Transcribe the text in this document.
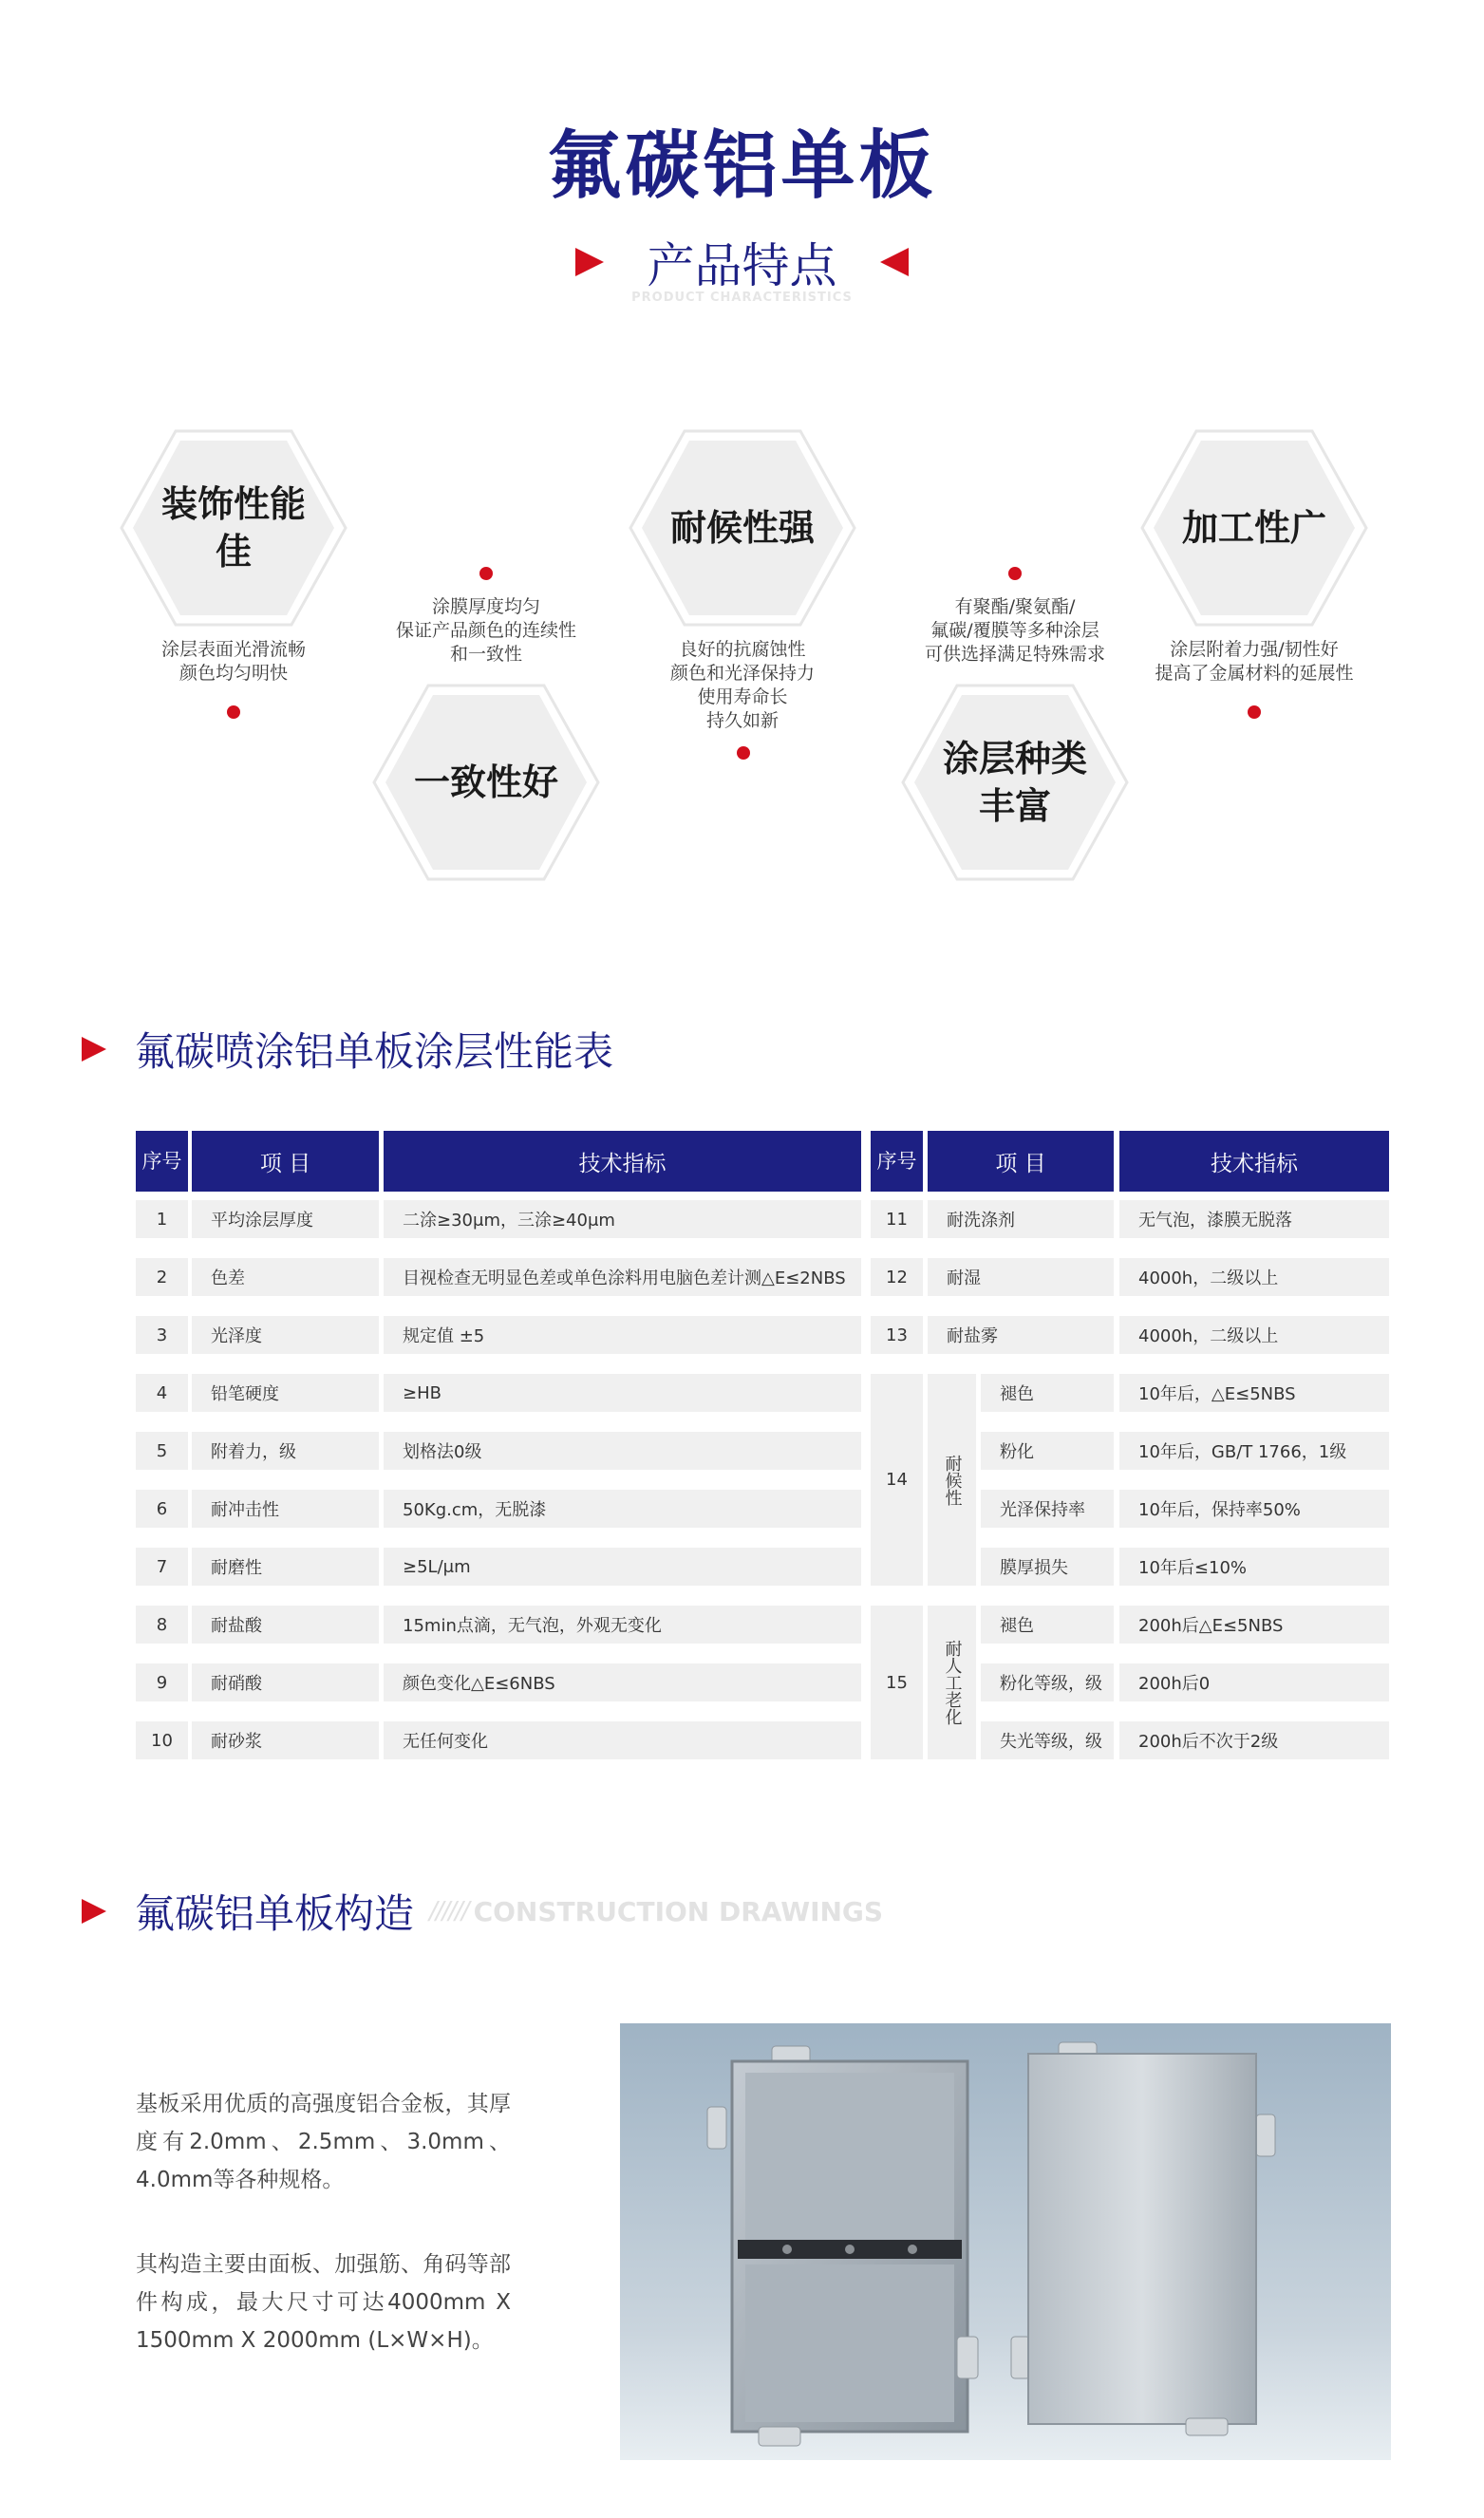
氟碳铝单板
产品特点
PRODUCT CHARACTERISTICS
装饰性能佳
涂层表面光滑流畅
颜色均匀明快
涂膜厚度均匀
保证产品颜色的连续性
和一致性
一致性好
耐候性强
良好的抗腐蚀性
颜色和光泽保持力
使用寿命长
持久如新
有聚酯/聚氨酯/
氟碳/覆膜等多种涂层
可供选择满足特殊需求
涂层种类丰富
加工性广
涂层附着力强/韧性好
提高了金属材料的延展性
氟碳喷涂铝单板涂层性能表
序号	项 目	技术指标	序号	项 目	技术指标
1	平均涂层厚度	二涂≥30μm，三涂≥40μm
2	色差	目视检查无明显色差或单色涂料用电脑色差计测△E≤2NBS
3	光泽度	规定值 ±5
4	铅笔硬度	≥HB
5	附着力，级	划格法0级
6	耐冲击性	50Kg.cm，无脱漆
7	耐磨性	≥5L/μm
8	耐盐酸	15min点滴，无气泡，外观无变化
9	耐硝酸	颜色变化△E≤6NBS
10	耐砂浆	无任何变化
11	耐洗涤剂	无气泡，漆膜无脱落
12	耐湿	4000h，二级以上
13	耐盐雾	4000h，二级以上
14	耐候性
褪色	10年后，△E≤5NBS
粉化	10年后，GB/T 1766，1级
光泽保持率	10年后，保持率50%
膜厚损失	10年后≤10%
15	耐人工老化
褪色	200h后△E≤5NBS
粉化等级，级	200h后0
失光等级，级	200h后不次于2级
氟碳铝单板构造 ////// CONSTRUCTION DRAWINGS
基板采用优质的高强度铝合金板，其厚度有2.0mm、2.5mm、3.0mm、4.0mm等各种规格。
其构造主要由面板、加强筋、角码等部件构成，最大尺寸可达4000mm X 1500mm X 2000mm (L×W×H)。
